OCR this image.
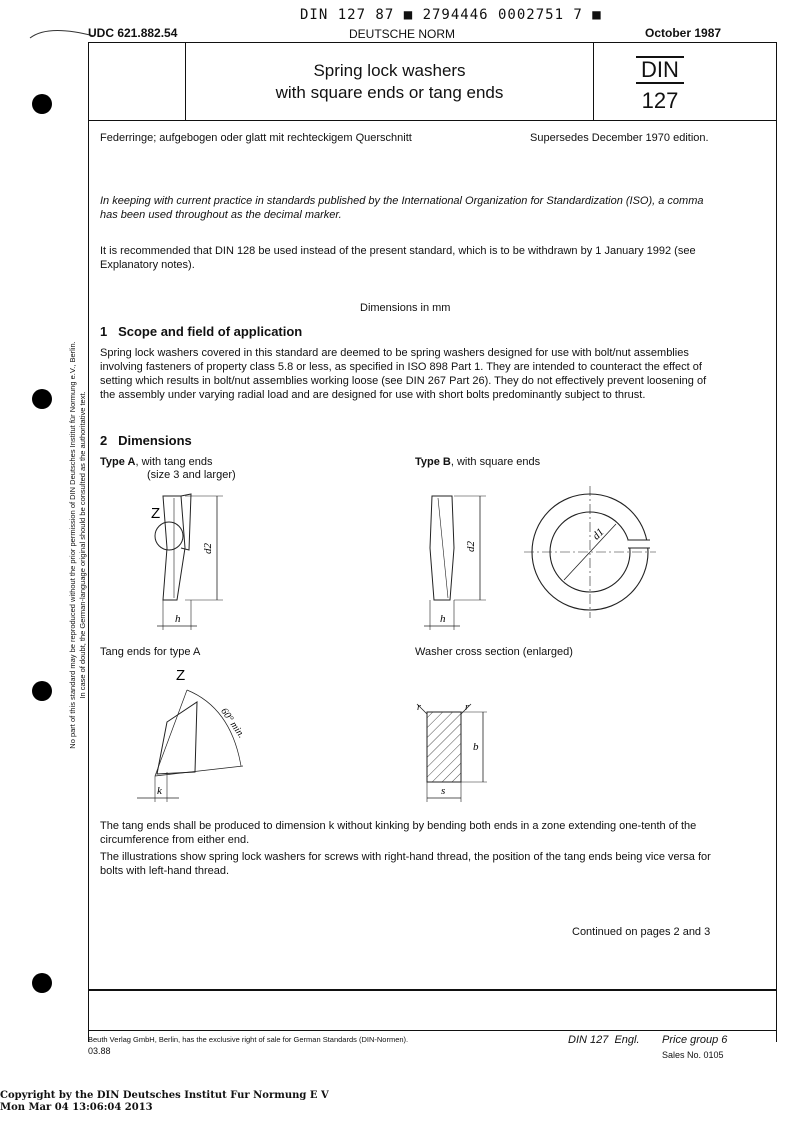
DIN 127 87 ■ 2794446 0002751 7 ■
UDC 621.882.54	DEUTSCHE NORM	October 1987
Spring lock washers
with square ends or tang ends
DIN
127
Federringe; aufgebogen oder glatt mit rechteckigem Querschnitt	Supersedes December 1970 edition.

In keeping with current practice in standards published by the International Organization for Standardization (ISO), a comma has been used throughout as the decimal marker.

It is recommended that DIN 128 be used instead of the present standard, which is to be withdrawn by 1 January 1992 (see Explanatory notes).

Dimensions in mm
1   Scope and field of application

Spring lock washers covered in this standard are deemed to be spring washers designed for use with bolt/nut assemblies involving fasteners of property class 5.8 or less, as specified in ISO 898 Part 1. They are intended to counteract the effect of setting which results in bolt/nut assemblies working loose (see DIN 267 Part 26). They do not effectively prevent loosening of the assembly under varying radial load and are designed for use with short bolts predominantly subject to thrust.

2   Dimensions
Type A, with tang ends
(size 3 and larger)
Type B, with square ends
Z
d2
h
d2
h
d1
Tang ends for type A	Washer cross section (enlarged)
Z
60° min.
k
r	r
b
s

The tang ends shall be produced to dimension k without kinking by bending both ends in a zone extending one-tenth of the circumference from either end.

The illustrations show spring lock washers for screws with right-hand thread, the position of the tang ends being vice versa for bolts with left-hand thread.

Continued on pages 2 and 3
No part of this standard may be reproduced without the prior permission of DIN Deutsches Institut für Normung e.V., Berlin. In case of doubt, the German-language original should be consulted as the authoritative text.
Beuth Verlag GmbH, Berlin, has the exclusive right of sale for German Standards (DIN-Normen).
03.88
DIN 127  Engl. Price group 6
Sales No. 0105
Copyright by the DIN Deutsches Institut Fur Normung E V
Mon Mar 04 13:06:04 2013
